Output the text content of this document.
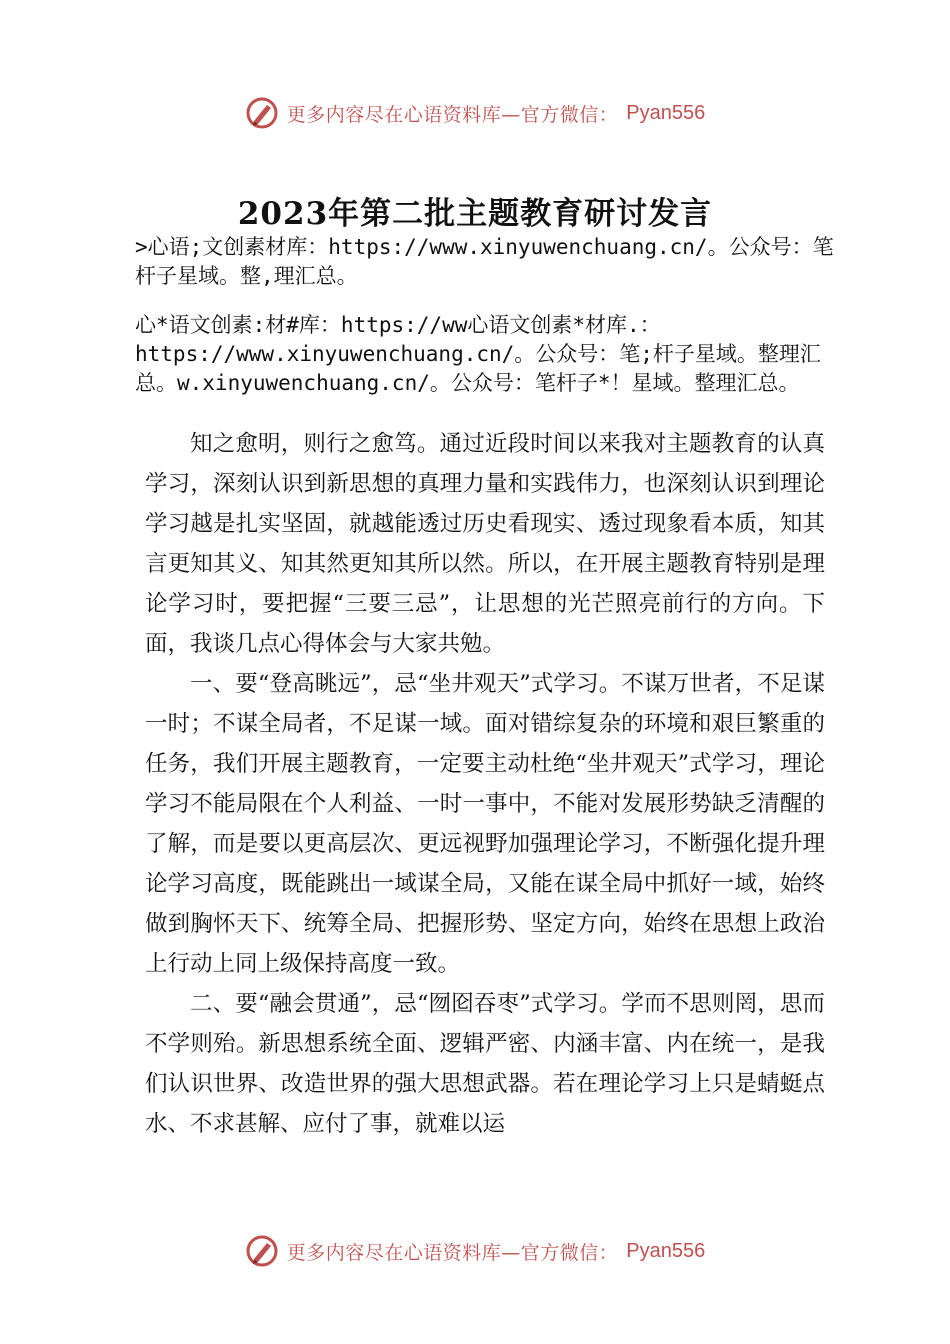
更多内容尽在心语资料库—官方微信： Pyan556
2023年第二批主题教育研讨发言
>心语;文创素材库：https://www.xinyuwenchuang.cn/。公众号：笔杆子星域。整,理汇总。
心*语文创素:材#库：https://ww心语文创素*材库.：https://www.xinyuwenchuang.cn/。公众号：笔;杆子星域。整理汇总。w.xinyuwenchuang.cn/。公众号：笔杆子*！星域。整理汇总。

知之愈明，则行之愈笃。通过近段时间以来我对主题教育的认真学习，深刻认识到新思想的真理力量和实践伟力，也深刻认识到理论学习越是扎实坚固，就越能透过历史看现实、透过现象看本质，知其言更知其义、知其然更知其所以然。所以，在开展主题教育特别是理论学习时，要把握“三要三忌”，让思想的光芒照亮前行的方向。下面，我谈几点心得体会与大家共勉。

一、要“登高眺远”，忌“坐井观天”式学习。不谋万世者，不足谋一时；不谋全局者，不足谋一域。面对错综复杂的环境和艰巨繁重的任务，我们开展主题教育，一定要主动杜绝“坐井观天”式学习，理论学习不能局限在个人利益、一时一事中，不能对发展形势缺乏清醒的了解，而是要以更高层次、更远视野加强理论学习，不断强化提升理论学习高度，既能跳出一域谋全局，又能在谋全局中抓好一域，始终做到胸怀天下、统筹全局、把握形势、坚定方向，始终在思想上政治上行动上同上级保持高度一致。

二、要“融会贯通”，忌“囫囵吞枣”式学习。学而不思则罔，思而不学则殆。新思想系统全面、逻辑严密、内涵丰富、内在统一，是我们认识世界、改造世界的强大思想武器。若在理论学习上只是蜻蜓点水、不求甚解、应付了事，就难以运

更多内容尽在心语资料库—官方微信： Pyan556
